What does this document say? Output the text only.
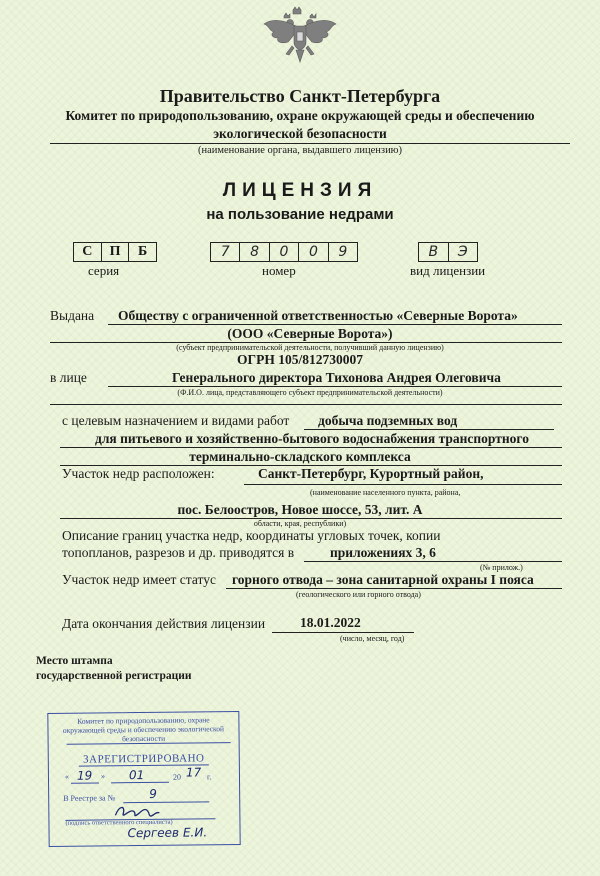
Правительство Санкт-Петербурга
Комитет по природопользованию, охране окружающей среды и обеспечению
экологической безопасности
(наименование органа, выдавшего лицензию)
ЛИЦЕНЗИЯ
на пользование недрами
С	П	Б
серия
7	8	0	0	9
номер
В	Э
вид лицензии
Выдана Обществу с ограниченной ответственностью «Северные Ворота»
(ООО «Северные Ворота»)
(субъект предпринимательской деятельности, получивший данную лицензию)
ОГРН 105/812730007
в лице	Генерального директора Тихонова Андрея Олеговича
(Ф.И.О. лица, представляющего субъект предпринимательской деятельности)
с целевым назначением и видами работ добыча подземных вод
для питьевого и хозяйственно-бытового водоснабжения транспортного
терминально-складского комплекса
Участок недр расположен:	Санкт-Петербург, Курортный район,
(наименование населенного пункта, района,
пос. Белоостров, Новое шоссе, 53, лит. А
области, края, республики)
Описание границ участка недр, координаты угловых точек, копии
топопланов, разрезов и др. приводятся в	приложениях 3, 6
(№ прилож.)
Участок недр имеет статус горного отвода – зона санитарной охраны I пояса
(геологического или горного отвода)
Дата окончания действия лицензии	18.01.2022
(число, месяц, год)
Место штампа
государственной регистрации
Комитет по природопользованию, охране
окружающей среды и обеспечению экологической
безопасности
ЗАРЕГИСТРИРОВАНО
« 19 » 01	20 17 г.
В Реестре за №	9
(подпись ответственного специалиста)
Сергеев Е.И.
